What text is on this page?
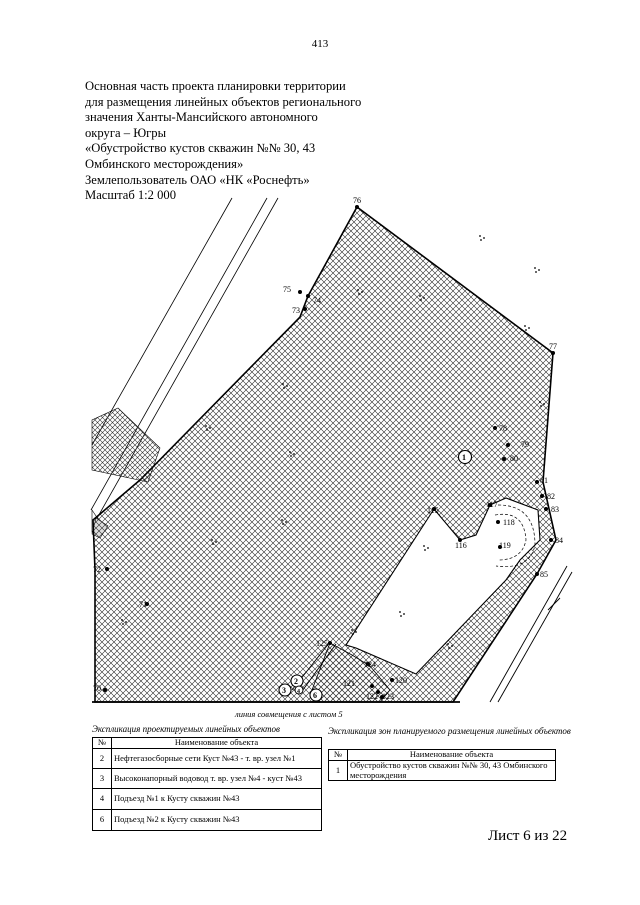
413
Основная часть проекта планировки территории
для размещения линейных объектов регионального
значения Ханты-Мансийского автономного
округа – Югры
«Обустройство кустов скважин №№ 30, 43
Омбинского месторождения»
Землепользователь ОАО «НК «Роснефть»
Масштаб 1:2 000	76
77
78
79
80
81
82
83
84
85
75
74
73
72
71
70
115
116
117
118
119
120
121
122 123
124
125
1
2
3 4 6
линия совмещения с листом 5
Экспликация проектируемых линейных объектов
№	Наименование объекта
2	Нефтегазосборные сети Куст №43 - т. вр. узел №1
3	Высоконапорный водовод т. вр. узел №4 - куст №43
4	Подъезд №1 к Кусту скважин №43
6	Подъезд №2 к Кусту скважин №43
Экспликация зон планируемого размещения линейных объектов
№	Наименование объекта
1	Обустройство кустов скважин №№ 30, 43 Омбинского месторождения
Лист 6 из 22
